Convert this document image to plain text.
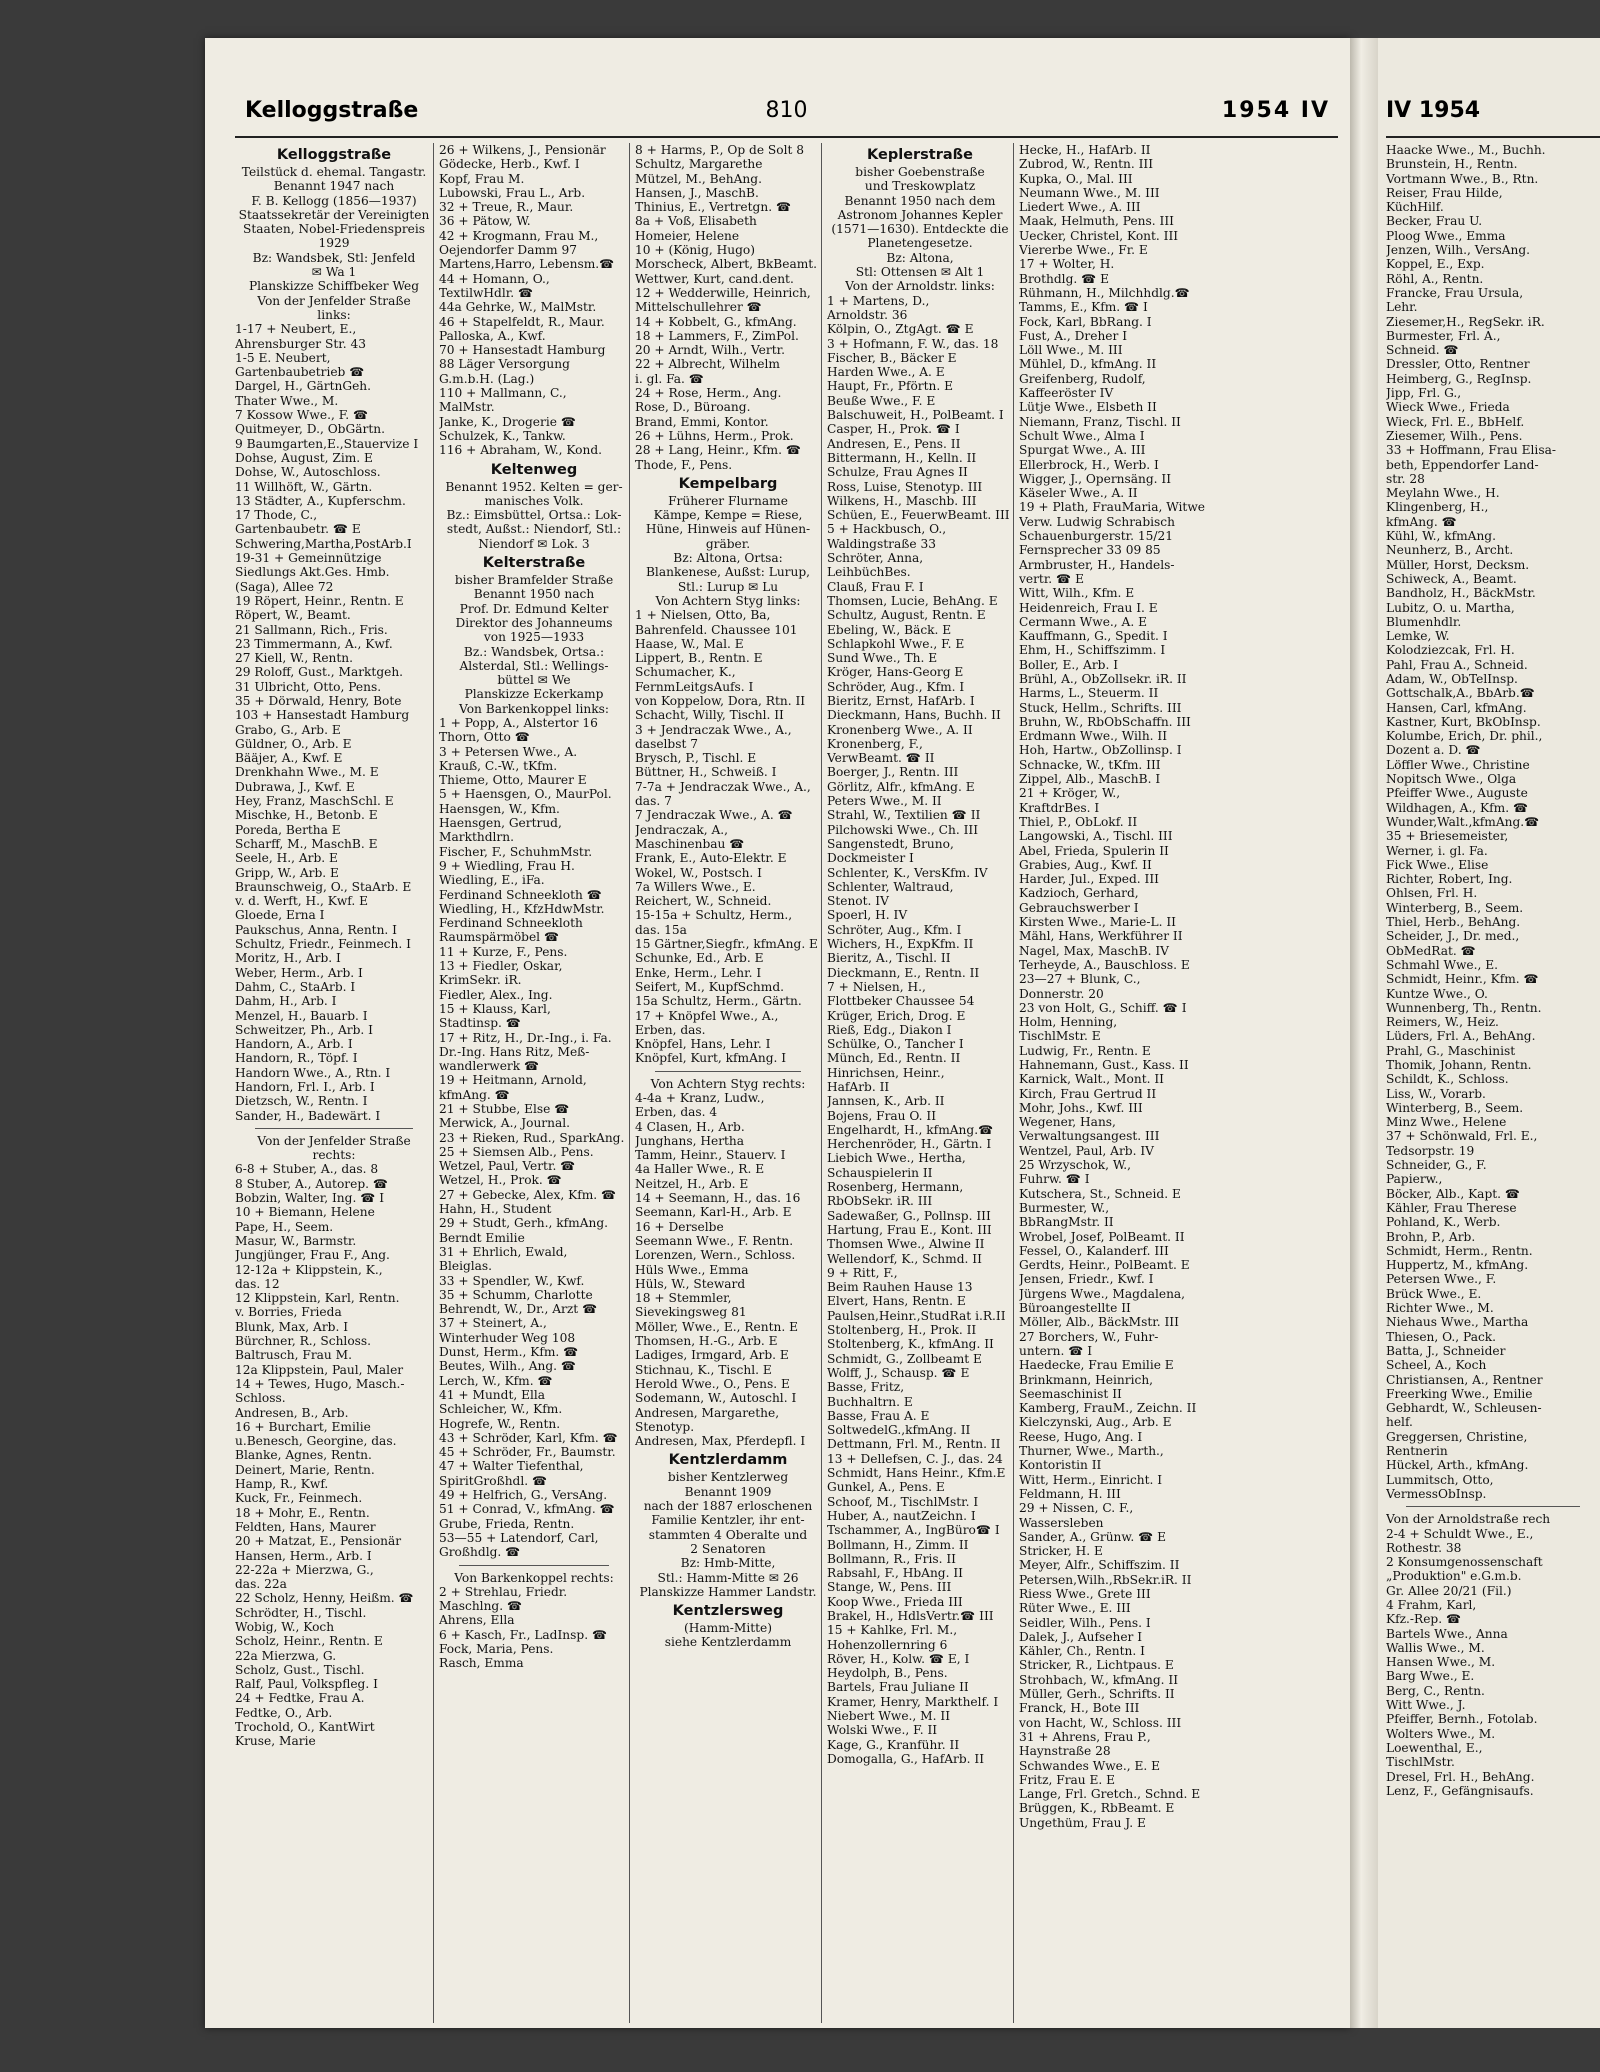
Kelloggstraße	810	1954 IV
Kelloggstraße
Teilstück d. ehemal. Tangastr.
Benannt 1947 nach
F. B. Kellogg (1856—1937)
Staatssekretär der Vereinigten
Staaten, Nobel-Friedenspreis
1929
Bz: Wandsbek, Stl: Jenfeld
✉ Wa 1
Planskizze Schiffbeker Weg
Von der Jenfelder Straße
links:
1-17 + Neubert, E.,
Ahrensburger Str. 43
1-5 E. Neubert,
Gartenbaubetrieb ☎
Dargel, H., GärtnGeh.
Thater Wwe., M.
7 Kossow Wwe., F. ☎
Quitmeyer, D., ObGärtn.
9 Baumgarten,E.,Stauervize I
Dohse, August, Zim. E
Dohse, W., Autoschloss.
11 Willhöft, W., Gärtn.
13 Städter, A., Kupferschm.
17 Thode, C.,
Gartenbaubetr. ☎ E
Schwering,Martha,PostArb.I
19-31 + Gemeinnützige
Siedlungs Akt.Ges. Hmb.
(Saga), Allee 72
19 Röpert, Heinr., Rentn. E
Röpert, W., Beamt.
21 Sallmann, Rich., Fris.
23 Timmermann, A., Kwf.
27 Kiell, W., Rentn.
29 Roloff, Gust., Marktgeh.
31 Ulbricht, Otto, Pens.
35 + Dörwald, Henry, Bote
103 + Hansestadt Hamburg
Grabo, G., Arb. E
Güldner, O., Arb. E
Bääjer, A., Kwf. E
Drenkhahn Wwe., M. E
Dubrawa, J., Kwf. E
Hey, Franz, MaschSchl. E
Mischke, H., Betonb. E
Poreda, Bertha E
Scharff, M., MaschB. E
Seele, H., Arb. E
Gripp, W., Arb. E
Braunschweig, O., StaArb. E
v. d. Werft, H., Kwf. E
Gloede, Erna I
Paukschus, Anna, Rentn. I
Schultz, Friedr., Feinmech. I
Moritz, H., Arb. I
Weber, Herm., Arb. I
Dahm, C., StaArb. I
Dahm, H., Arb. I
Menzel, H., Bauarb. I
Schweitzer, Ph., Arb. I
Handorn, A., Arb. I
Handorn, R., Töpf. I
Handorn Wwe., A., Rtn. I
Handorn, Frl. I., Arb. I
Dietzsch, W., Rentn. I
Sander, H., Badewärt. I
Von der Jenfelder Straße
rechts:
6-8 + Stuber, A., das. 8
8 Stuber, A., Autorep. ☎
Bobzin, Walter, Ing. ☎ I
10 + Biemann, Helene
Pape, H., Seem.
Masur, W., Barmstr.
Jungjünger, Frau F., Ang.
12-12a + Klippstein, K.,
das. 12
12 Klippstein, Karl, Rentn.
v. Borries, Frieda
Blunk, Max, Arb. I
Bürchner, R., Schloss.
Baltrusch, Frau M.
12a Klippstein, Paul, Maler
14 + Tewes, Hugo, Masch.-
Schloss.
Andresen, B., Arb.
16 + Burchart, Emilie
u.Benesch, Georgine, das.
Blanke, Agnes, Rentn.
Deinert, Marie, Rentn.
Hamp, R., Kwf.
Kuck, Fr., Feinmech.
18 + Mohr, E., Rentn.
Feldten, Hans, Maurer
20 + Matzat, E., Pensionär
Hansen, Herm., Arb. I
22-22a + Mierzwa, G.,
das. 22a
22 Scholz, Henny, Heißm. ☎
Schrödter, H., Tischl.
Wobig, W., Koch
Scholz, Heinr., Rentn. E
22a Mierzwa, G.
Scholz, Gust., Tischl.
Ralf, Paul, Volkspfleg. I
24 + Fedtke, Frau A.
Fedtke, O., Arb.
Trochold, O., KantWirt
Kruse, Marie
26 + Wilkens, J., Pensionär
Gödecke, Herb., Kwf. I
Kopf, Frau M.
Lubowski, Frau L., Arb.
32 + Treue, R., Maur.
36 + Pätow, W.
42 + Krogmann, Frau M.,
Oejendorfer Damm 97
Martens,Harro, Lebensm.☎
44 + Homann, O.,
TextilwHdlr. ☎
44a Gehrke, W., MalMstr.
46 + Stapelfeldt, R., Maur.
Palloska, A., Kwf.
70 + Hansestadt Hamburg
88 Läger Versorgung
G.m.b.H. (Lag.)
110 + Mallmann, C.,
MalMstr.
Janke, K., Drogerie ☎
Schulzek, K., Tankw.
116 + Abraham, W., Kond.
Keltenweg
Benannt 1952. Kelten = ger-
manisches Volk.
Bz.: Eimsbüttel, Ortsa.: Lok-
stedt, Außst.: Niendorf, Stl.:
Niendorf ✉ Lok. 3
Kelterstraße
bisher Bramfelder Straße
Benannt 1950 nach
Prof. Dr. Edmund Kelter
Direktor des Johanneums
von 1925—1933
Bz.: Wandsbek, Ortsa.:
Alsterdal, Stl.: Wellings-
büttel ✉ We
Planskizze Eckerkamp
Von Barkenkoppel links:
1 + Popp, A., Alstertor 16
Thorn, Otto ☎
3 + Petersen Wwe., A.
Krauß, C.-W., tKfm.
Thieme, Otto, Maurer E
5 + Haensgen, O., MaurPol.
Haensgen, W., Kfm.
Haensgen, Gertrud,
Markthdlrn.
Fischer, F., SchuhmMstr.
9 + Wiedling, Frau H.
Wiedling, E., iFa.
Ferdinand Schneekloth ☎
Wiedling, H., KfzHdwMstr.
Ferdinand Schneekloth
Raumspärmöbel ☎
11 + Kurze, F., Pens.
13 + Fiedler, Oskar,
KrimSekr. iR.
Fiedler, Alex., Ing.
15 + Klauss, Karl,
Stadtinsp. ☎
17 + Ritz, H., Dr.-Ing., i. Fa.
Dr.-Ing. Hans Ritz, Meß-
wandlerwerk ☎
19 + Heitmann, Arnold,
kfmAng. ☎
21 + Stubbe, Else ☎
Merwick, A., Journal.
23 + Rieken, Rud., SparkAng.
25 + Siemsen Alb., Pens.
Wetzel, Paul, Vertr. ☎
Wetzel, H., Prok. ☎
27 + Gebecke, Alex, Kfm. ☎
Hahn, H., Student
29 + Studt, Gerh., kfmAng.
Berndt Emilie
31 + Ehrlich, Ewald,
Bleiglas.
33 + Spendler, W., Kwf.
35 + Schumm, Charlotte
Behrendt, W., Dr., Arzt ☎
37 + Steinert, A.,
Winterhuder Weg 108
Dunst, Herm., Kfm. ☎
Beutes, Wilh., Ang. ☎
Lerch, W., Kfm. ☎
41 + Mundt, Ella
Schleicher, W., Kfm.
Hogrefe, W., Rentn.
43 + Schröder, Karl, Kfm. ☎
45 + Schröder, Fr., Baumstr.
47 + Walter Tiefenthal,
SpiritGroßhdl. ☎
49 + Helfrich, G., VersAng.
51 + Conrad, V., kfmAng. ☎
Grube, Frieda, Rentn.
53—55 + Latendorf, Carl,
Großhdlg. ☎
Von Barkenkoppel rechts:
2 + Strehlau, Friedr.
Maschlng. ☎
Ahrens, Ella
6 + Kasch, Fr., LadInsp. ☎
Fock, Maria, Pens.
Rasch, Emma
8 + Harms, P., Op de Solt 8
Schultz, Margarethe
Mützel, M., BehAng.
Hansen, J., MaschB.
Thinius, E., Vertretgn. ☎
8a + Voß, Elisabeth
Homeier, Helene
10 + (König, Hugo)
Morscheck, Albert, BkBeamt.
Wettwer, Kurt, cand.dent.
12 + Wedderwille, Heinrich,
Mittelschullehrer ☎
14 + Kobbelt, G., kfmAng.
18 + Lammers, F., ZimPol.
20 + Arndt, Wilh., Vertr.
22 + Albrecht, Wilhelm
i. gl. Fa. ☎
24 + Rose, Herm., Ang.
Rose, D., Büroang.
Brand, Emmi, Kontor.
26 + Lühns, Herm., Prok.
28 + Lang, Heinr., Kfm. ☎
Thode, F., Pens.
Kempelbarg
Früherer Flurname
Kämpe, Kempe = Riese,
Hüne, Hinweis auf Hünen-
gräber.
Bz: Altona, Ortsa:
Blankenese, Außst: Lurup,
Stl.: Lurup ✉ Lu
Von Achtern Styg links:
1 + Nielsen, Otto, Ba,
Bahrenfeld. Chaussee 101
Haase, W., Mal. E
Lippert, B., Rentn. E
Schumacher, K.,
FernmLeitgsAufs. I
von Koppelow, Dora, Rtn. II
Schacht, Willy, Tischl. II
3 + Jendraczak Wwe., A.,
daselbst 7
Brysch, P., Tischl. E
Büttner, H., Schweiß. I
7-7a + Jendraczak Wwe., A.,
das. 7
7 Jendraczak Wwe., A. ☎
Jendraczak, A.,
Maschinenbau ☎
Frank, E., Auto-Elektr. E
Wokel, W., Postsch. I
7a Willers Wwe., E.
Reichert, W., Schneid.
15-15a + Schultz, Herm.,
das. 15a
15 Gärtner,Siegfr., kfmAng. E
Schunke, Ed., Arb. E
Enke, Herm., Lehr. I
Seifert, M., KupfSchmd.
15a Schultz, Herm., Gärtn.
17 + Knöpfel Wwe., A.,
Erben, das.
Knöpfel, Hans, Lehr. I
Knöpfel, Kurt, kfmAng. I
Von Achtern Styg rechts:
4-4a + Kranz, Ludw.,
Erben, das. 4
4 Clasen, H., Arb.
Junghans, Hertha
Tamm, Heinr., Stauerv. I
4a Haller Wwe., R. E
Neitzel, H., Arb. E
14 + Seemann, H., das. 16
Seemann, Karl-H., Arb. E
16 + Derselbe
Seemann Wwe., F. Rentn.
Lorenzen, Wern., Schloss.
Hüls Wwe., Emma
Hüls, W., Steward
18 + Stemmler,
Sievekingsweg 81
Möller, Wwe., E., Rentn. E
Thomsen, H.-G., Arb. E
Ladiges, Irmgard, Arb. E
Stichnau, K., Tischl. E
Herold Wwe., O., Pens. E
Sodemann, W., Autoschl. I
Andresen, Margarethe,
Stenotyp.
Andresen, Max, Pferdepfl. I
Kentzlerdamm
bisher Kentzlerweg
Benannt 1909
nach der 1887 erloschenen
Familie Kentzler, ihr ent-
stammten 4 Oberalte und
2 Senatoren
Bz: Hmb-Mitte,
Stl.: Hamm-Mitte ✉ 26
Planskizze Hammer Landstr.
Kentzlersweg
(Hamm-Mitte)
siehe Kentzlerdamm
Keplerstraße
bisher Goebenstraße
und Treskowplatz
Benannt 1950 nach dem
Astronom Johannes Kepler
(1571—1630). Entdeckte die
Planetengesetze.
Bz: Altona,
Stl: Ottensen ✉ Alt 1
Von der Arnoldstr. links:
1 + Martens, D.,
Arnoldstr. 36
Kölpin, O., ZtgAgt. ☎ E
3 + Hofmann, F. W., das. 18
Fischer, B., Bäcker E
Harden Wwe., A. E
Haupt, Fr., Pförtn. E
Beuße Wwe., F. E
Balschuweit, H., PolBeamt. I
Casper, H., Prok. ☎ I
Andresen, E., Pens. II
Bittermann, H., Kelln. II
Schulze, Frau Agnes II
Ross, Luise, Stenotyp. III
Wilkens, H., Maschb. III
Schüen, E., FeuerwBeamt. III
5 + Hackbusch, O.,
Waldingstraße 33
Schröter, Anna,
LeihbüchBes.
Clauß, Frau F. I
Thomsen, Lucie, BehAng. E
Schultz, August, Rentn. E
Ebeling, W., Bäck. E
Schlapkohl Wwe., F. E
Sund Wwe., Th. E
Kröger, Hans-Georg E
Schröder, Aug., Kfm. I
Bieritz, Ernst, HafArb. I
Dieckmann, Hans, Buchh. II
Kronenberg Wwe., A. II
Kronenberg, F.,
VerwBeamt. ☎ II
Boerger, J., Rentn. III
Görlitz, Alfr., kfmAng. E
Peters Wwe., M. II
Strahl, W., Textilien ☎ II
Pilchowski Wwe., Ch. III
Sangenstedt, Bruno,
Dockmeister I
Schlenter, K., VersKfm. IV
Schlenter, Waltraud,
Stenot. IV
Spoerl, H. IV
Schröter, Aug., Kfm. I
Wichers, H., ExpKfm. II
Bieritz, A., Tischl. II
Dieckmann, E., Rentn. II
7 + Nielsen, H.,
Flottbeker Chaussee 54
Krüger, Erich, Drog. E
Rieß, Edg., Diakon I
Schülke, O., Tancher I
Münch, Ed., Rentn. II
Hinrichsen, Heinr.,
HafArb. II
Jannsen, K., Arb. II
Bojens, Frau O. II
Engelhardt, H., kfmAng.☎
Herchenröder, H., Gärtn. I
Liebich Wwe., Hertha,
Schauspielerin II
Rosenberg, Hermann,
RbObSekr. iR. III
Sadewaßer, G., Pollnsp. III
Hartung, Frau E., Kont. III
Thomsen Wwe., Alwine II
Wellendorf, K., Schmd. II
9 + Ritt, F.,
Beim Rauhen Hause 13
Elvert, Hans, Rentn. E
Paulsen,Heinr.,StudRat i.R.II
Stoltenberg, H., Prok. II
Stoltenberg, K., kfmAng. II
Schmidt, G., Zollbeamt E
Wolff, J., Schausp. ☎ E
Basse, Fritz,
Buchhaltrn. E
Basse, Frau A. E
SoltwedelG.,kfmAng. II
Dettmann, Frl. M., Rentn. II
13 + Dellefsen, C. J., das. 24
Schmidt, Hans Heinr., Kfm.E
Gunkel, A., Pens. E
Schoof, M., TischlMstr. I
Huber, A., nautZeichn. I
Tschammer, A., IngBüro☎ I
Bollmann, H., Zimm. II
Bollmann, R., Fris. II
Rabsahl, F., HbAng. II
Stange, W., Pens. III
Koop Wwe., Frieda III
Brakel, H., HdlsVertr.☎ III
15 + Kahlke, Frl. M.,
Hohenzollernring 6
Röver, H., Kolw. ☎ E, I
Heydolph, B., Pens.
Bartels, Frau Juliane II
Kramer, Henry, Markthelf. I
Niebert Wwe., M. II
Wolski Wwe., F. II
Kage, G., Kranführ. II
Domogalla, G., HafArb. II
Hecke, H., HafArb. II
Zubrod, W., Rentn. III
Kupka, O., Mal. III
Neumann Wwe., M. III
Liedert Wwe., A. III
Maak, Helmuth, Pens. III
Uecker, Christel, Kont. III
Viererbe Wwe., Fr. E
17 + Wolter, H.
Brothdlg. ☎ E
Rühmann, H., Milchhdlg.☎
Tamms, E., Kfm. ☎ I
Fock, Karl, BbRang. I
Fust, A., Dreher I
Löll Wwe., M. III
Mühlel, D., kfmAng. II
Greifenberg, Rudolf,
Kaffeeröster IV
Lütje Wwe., Elsbeth II
Niemann, Franz, Tischl. II
Schult Wwe., Alma I
Spurgat Wwe., A. III
Ellerbrock, H., Werb. I
Wigger, J., Opernsäng. II
Käseler Wwe., A. II
19 + Plath, FrauMaria, Witwe
Verw. Ludwig Schrabisch
Schauenburgerstr. 15/21
Fernsprecher 33 09 85
Armbruster, H., Handels-
vertr. ☎ E
Witt, Wilh., Kfm. E
Heidenreich, Frau I. E
Cermann Wwe., A. E
Kauffmann, G., Spedit. I
Ehm, H., Schiffszimm. I
Boller, E., Arb. I
Brühl, A., ObZollsekr. iR. II
Harms, L., Steuerm. II
Stuck, Hellm., Schrifts. III
Bruhn, W., RbObSchaffn. III
Erdmann Wwe., Wilh. II
Hoh, Hartw., ObZollinsp. I
Schnacke, W., tKfm. III
Zippel, Alb., MaschB. I
21 + Kröger, W.,
KraftdrBes. I
Thiel, P., ObLokf. II
Langowski, A., Tischl. III
Abel, Frieda, Spulerin II
Grabies, Aug., Kwf. II
Harder, Jul., Exped. III
Kadzioch, Gerhard,
Gebrauchswerber I
Kirsten Wwe., Marie-L. II
Mähl, Hans, Werkführer II
Nagel, Max, MaschB. IV
Terheyde, A., Bauschloss. E
23—27 + Blunk, C.,
Donnerstr. 20
23 von Holt, G., Schiff. ☎ I
Holm, Henning,
TischlMstr. E
Ludwig, Fr., Rentn. E
Hahnemann, Gust., Kass. II
Karnick, Walt., Mont. II
Kirch, Frau Gertrud II
Mohr, Johs., Kwf. III
Wegener, Hans,
Verwaltungsangest. III
Wentzel, Paul, Arb. IV
25 Wrzyschok, W.,
Fuhrw. ☎ I
Kutschera, St., Schneid. E
Burmester, W.,
BbRangMstr. II
Wrobel, Josef, PolBeamt. II
Fessel, O., Kalanderf. III
Gerdts, Heinr., PolBeamt. E
Jensen, Friedr., Kwf. I
Jürgens Wwe., Magdalena,
Büroangestellte II
Möller, Alb., BäckMstr. III
27 Borchers, W., Fuhr-
untern. ☎ I
Haedecke, Frau Emilie E
Brinkmann, Heinrich,
Seemaschinist II
Kamberg, FrauM., Zeichn. II
Kielczynski, Aug., Arb. E
Reese, Hugo, Ang. I
Thurner, Wwe., Marth.,
Kontoristin II
Witt, Herm., Einricht. I
Feldmann, H. III
29 + Nissen, C. F.,
Wassersleben
Sander, A., Grünw. ☎ E
Stricker, H. E
Meyer, Alfr., Schiffszim. II
Petersen,Wilh.,RbSekr.iR. II
Riess Wwe., Grete III
Rüter Wwe., E. III
Seidler, Wilh., Pens. I
Dalek, J., Aufseher I
Kähler, Ch., Rentn. I
Stricker, R., Lichtpaus. E
Strohbach, W., kfmAng. II
Müller, Gerh., Schrifts. II
Franck, H., Bote III
von Hacht, W., Schloss. III
31 + Ahrens, Frau P.,
Haynstraße 28
Schwandes Wwe., E. E
Fritz, Frau E. E
Lange, Frl. Gretch., Schnd. E
Brüggen, K., RbBeamt. E
Ungethüm, Frau J. E
IV 1954
Haacke Wwe., M., Buchh.
Brunstein, H., Rentn.
Vortmann Wwe., B., Rtn.
Reiser, Frau Hilde,
KüchHilf.
Becker, Frau U.
Ploog Wwe., Emma
Jenzen, Wilh., VersAng.
Koppel, E., Exp.
Röhl, A., Rentn.
Francke, Frau Ursula,
Lehr.
Ziesemer,H., RegSekr. iR.
Burmester, Frl. A.,
Schneid. ☎
Dressler, Otto, Rentner
Heimberg, G., RegInsp.
Jipp, Frl. G.,
Wieck Wwe., Frieda
Wieck, Frl. E., BbHelf.
Ziesemer, Wilh., Pens.
33 + Hoffmann, Frau Elisa-
beth, Eppendorfer Land-
str. 28
Meylahn Wwe., H.
Klingenberg, H.,
kfmAng. ☎
Kühl, W., kfmAng.
Neunherz, B., Archt.
Müller, Horst, Decksm.
Schiweck, A., Beamt.
Bandholz, H., BäckMstr.
Lubitz, O. u. Martha,
Blumenhdlr.
Lemke, W.
Kolodziezcak, Frl. H.
Pahl, Frau A., Schneid.
Adam, W., ObTelInsp.
Gottschalk,A., BbArb.☎
Hansen, Carl, kfmAng.
Kastner, Kurt, BkObInsp.
Kolumbe, Erich, Dr. phil.,
Dozent a. D. ☎
Löffler Wwe., Christine
Nopitsch Wwe., Olga
Pfeiffer Wwe., Auguste
Wildhagen, A., Kfm. ☎
Wunder,Walt.,kfmAng.☎
35 + Briesemeister,
Werner, i. gl. Fa.
Fick Wwe., Elise
Richter, Robert, Ing.
Ohlsen, Frl. H.
Winterberg, B., Seem.
Thiel, Herb., BehAng.
Scheider, J., Dr. med.,
ObMedRat. ☎
Schmahl Wwe., E.
Schmidt, Heinr., Kfm. ☎
Kuntze Wwe., O.
Wunnenberg, Th., Rentn.
Reimers, W., Heiz.
Lüders, Frl. A., BehAng.
Prahl, G., Maschinist
Thomik, Johann, Rentn.
Schildt, K., Schloss.
Liss, W., Vorarb.
Winterberg, B., Seem.
Minz Wwe., Helene
37 + Schönwald, Frl. E.,
Tedsorpstr. 19
Schneider, G., F.
Papierw.,
Böcker, Alb., Kapt. ☎
Kähler, Frau Therese
Pohland, K., Werb.
Brohn, P., Arb.
Schmidt, Herm., Rentn.
Huppertz, M., kfmAng.
Petersen Wwe., F.
Brück Wwe., E.
Richter Wwe., M.
Niehaus Wwe., Martha
Thiesen, O., Pack.
Batta, J., Schneider
Scheel, A., Koch
Christiansen, A., Rentner
Freerking Wwe., Emilie
Gebhardt, W., Schleusen-
helf.
Greggersen, Christine,
Rentnerin
Hückel, Arth., kfmAng.
Lummitsch, Otto,
VermessObInsp.
Von der Arnoldstraße rech
2-4 + Schuldt Wwe., E.,
Rothestr. 38
2 Konsumgenossenschaft
„Produktion" e.G.m.b.
Gr. Allee 20/21 (Fil.)
4 Frahm, Karl,
Kfz.-Rep. ☎
Bartels Wwe., Anna
Wallis Wwe., M.
Hansen Wwe., M.
Barg Wwe., E.
Berg, C., Rentn.
Witt Wwe., J.
Pfeiffer, Bernh., Fotolab.
Wolters Wwe., M.
Loewenthal, E.,
TischlMstr.
Dresel, Frl. H., BehAng.
Lenz, F., Gefängnisaufs.
